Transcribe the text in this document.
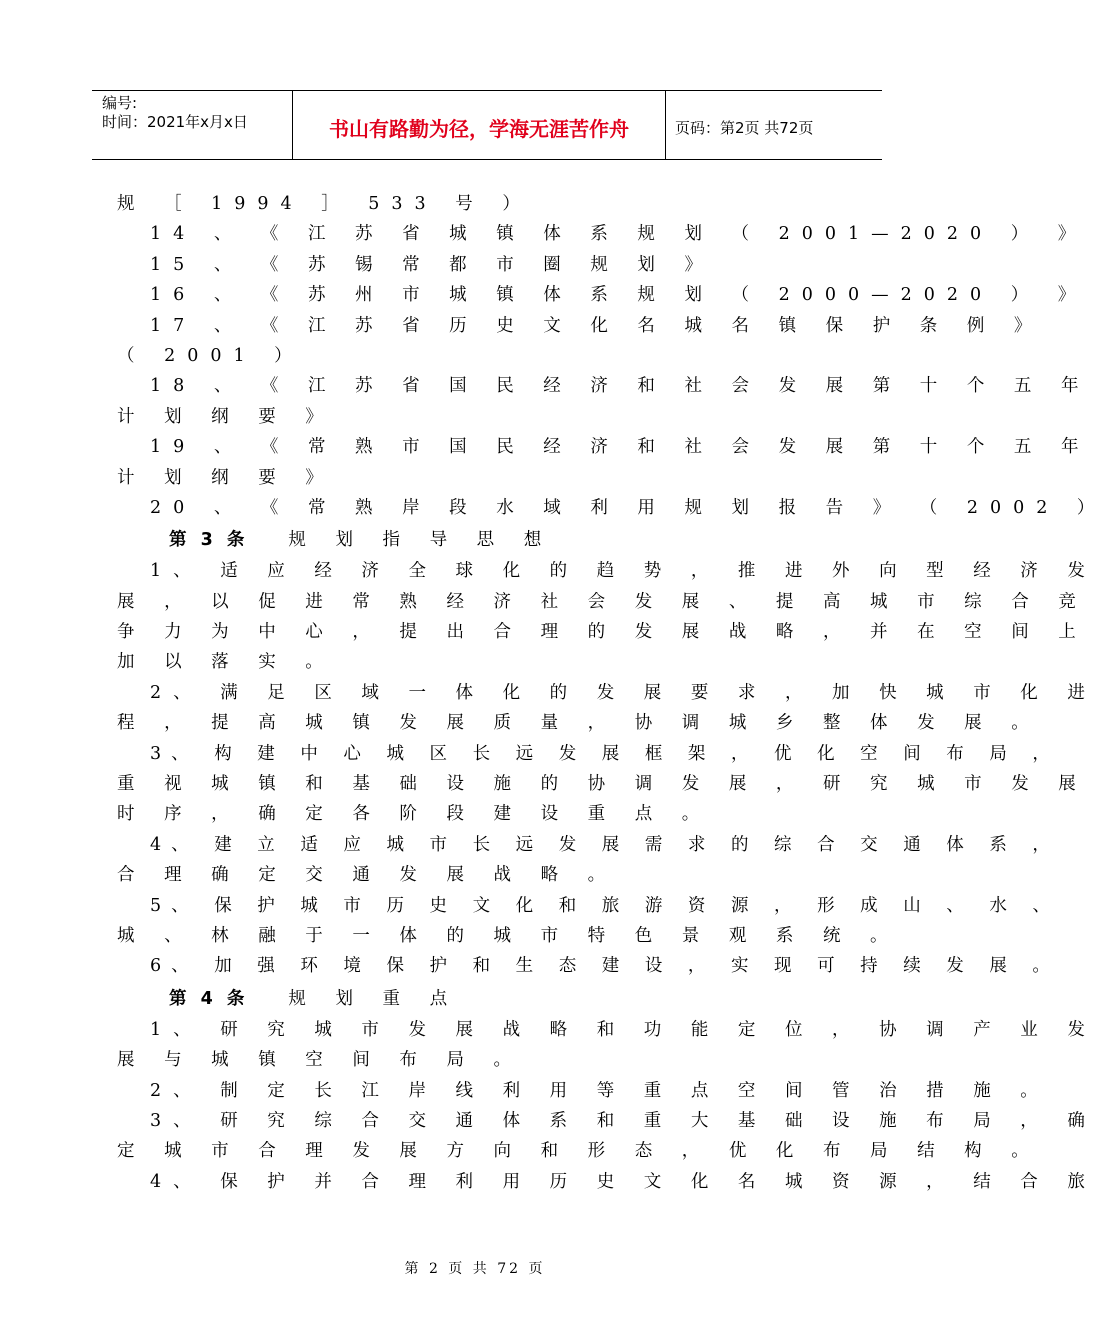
编号:
时间：2021年x月x日	书山有路勤为径，学海无涯苦作舟	页码：第2页 共72页
规 ［ 1994 ］ 533 号 ）
14 、 《 江 苏 省 城 镇 体 系 规 划 （ 2001—2020 ） 》
15 、 《 苏 锡 常 都 市 圈 规 划 》
16 、 《 苏 州 市 城 镇 体 系 规 划 （ 2000—2020 ） 》
17 、 《 江 苏 省 历 史 文 化 名 城 名 镇 保 护 条 例 》
（ 2001 ）
18 、 《 江 苏 省 国 民 经 济 和 社 会 发 展 第 十 个 五 年
计 划 纲 要 》
19 、 《 常 熟 市 国 民 经 济 和 社 会 发 展 第 十 个 五 年
计 划 纲 要 》
20 、 《 常 熟 岸 段 水 域 利 用 规 划 报 告 》 （ 2002 ）
第 3 条 规 划 指 导 思 想
1、 适 应 经 济 全 球 化 的 趋 势 ， 推 进 外 向 型 经 济 发
展 ， 以 促 进 常 熟 经 济 社 会 发 展 、 提 高 城 市 综 合 竞
争 力 为 中 心 ， 提 出 合 理 的 发 展 战 略 ， 并 在 空 间 上
加 以 落 实 。
2、 满 足 区 域 一 体 化 的 发 展 要 求 ， 加 快 城 市 化 进
程 ， 提 高 城 镇 发 展 质 量 ， 协 调 城 乡 整 体 发 展 。
3、 构 建 中 心 城 区 长 远 发 展 框 架 ， 优 化 空 间 布 局 ，
重 视 城 镇 和 基 础 设 施 的 协 调 发 展 ， 研 究 城 市 发 展
时 序 ， 确 定 各 阶 段 建 设 重 点 。
4、 建 立 适 应 城 市 长 远 发 展 需 求 的 综 合 交 通 体 系 ，
合 理 确 定 交 通 发 展 战 略 。
5、 保 护 城 市 历 史 文 化 和 旅 游 资 源 ， 形 成 山 、 水 、
城 、 林 融 于 一 体 的 城 市 特 色 景 观 系 统 。
6、 加 强 环 境 保 护 和 生 态 建 设 ， 实 现 可 持 续 发 展 。
第 4 条 规 划 重 点
1、 研 究 城 市 发 展 战 略 和 功 能 定 位 ， 协 调 产 业 发
展 与 城 镇 空 间 布 局 。
2、 制 定 长 江 岸 线 利 用 等 重 点 空 间 管 治 措 施 。
3、 研 究 综 合 交 通 体 系 和 重 大 基 础 设 施 布 局 ， 确
定 城 市 合 理 发 展 方 向 和 形 态 ， 优 化 布 局 结 构 。
4、 保 护 并 合 理 利 用 历 史 文 化 名 城 资 源 ， 结 合 旅
第 2 页 共 72 页
